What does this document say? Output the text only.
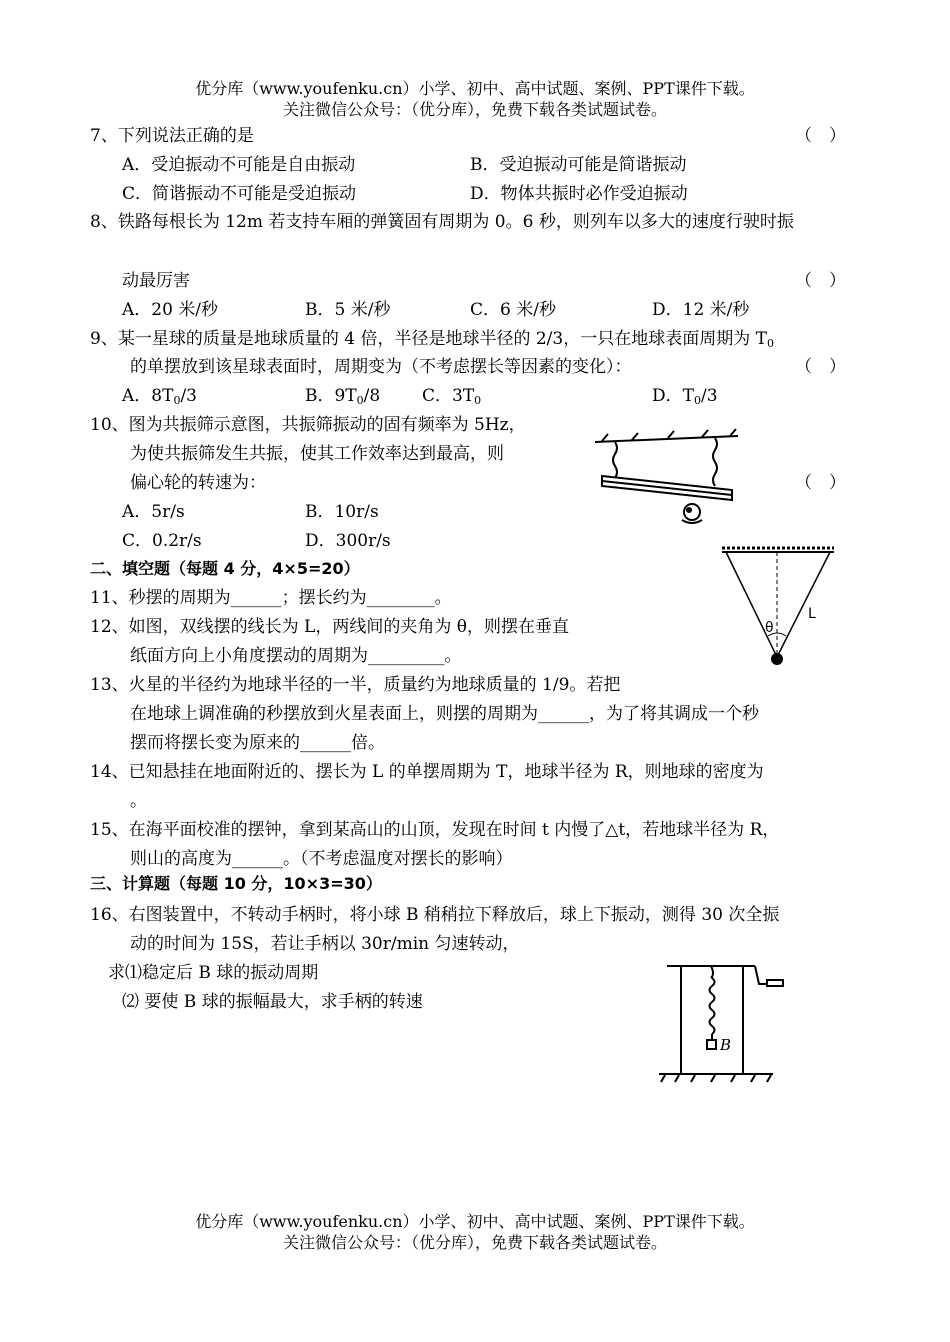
优分库（www.youfenku.cn）小学、初中、高中试题、案例、PPT课件下载。
关注微信公众号：（优分库），免费下载各类试题试卷。
7、下列说法正确的是	（　）
A．受迫振动不可能是自由振动	B．受迫振动可能是简谐振动
C．简谐振动不可能是受迫振动	D．物体共振时必作受迫振动
8、铁路每根长为 12m 若支持车厢的弹簧固有周期为 0。6 秒，则列车以多大的速度行驶时振
动最厉害	（　）
A．20 米/秒	B．5 米/秒	C．6 米/秒	D．12 米/秒
9、某一星球的质量是地球质量的 4 倍，半径是地球半径的 2/3，一只在地球表面周期为 $T_0$
的单摆放到该星球表面时，周期变为（不考虑摆长等因素的变化）：	（　）
A．$8T_0/3$	B．$9T_0/8$ C．$3T_0$	D．$T_0/3$
10、图为共振筛示意图，共振筛振动的固有频率为 5Hz，
为使共振筛发生共振，使其工作效率达到最高，则
偏心轮的转速为：	（　）
A．5r/s	B．10r/s
C．0.2r/s	D．300r/s
二、填空题（每题 4 分，4×5=20）
θ
L
11、秒摆的周期为______；摆长约为________。
12、如图，双线摆的线长为 L，两线间的夹角为 θ，则摆在垂直
纸面方向上小角度摆动的周期为_________。
13、火星的半径约为地球半径的一半，质量约为地球质量的 1/9。若把
在地球上调准确的秒摆放到火星表面上，则摆的周期为______，为了将其调成一个秒
摆而将摆长变为原来的______倍。
14、已知悬挂在地面附近的、摆长为 L 的单摆周期为 T，地球半径为 R，则地球的密度为
。
15、在海平面校准的摆钟，拿到某高山的山顶，发现在时间 t 内慢了△t，若地球半径为 R，
则山的高度为______。（不考虑温度对摆长的影响）
三、计算题（每题 10 分，10×3=30）
16、右图装置中，不转动手柄时，将小球 B 稍稍拉下释放后，球上下振动，测得 30 次全振
动的时间为 15S，若让手柄以 30r/min 匀速转动，
求⑴稳定后 B 球的振动周期
⑵ 要使 B 球的振幅最大，求手柄的转速
B
优分库（www.youfenku.cn）小学、初中、高中试题、案例、PPT课件下载。
关注微信公众号：（优分库），免费下载各类试题试卷。
